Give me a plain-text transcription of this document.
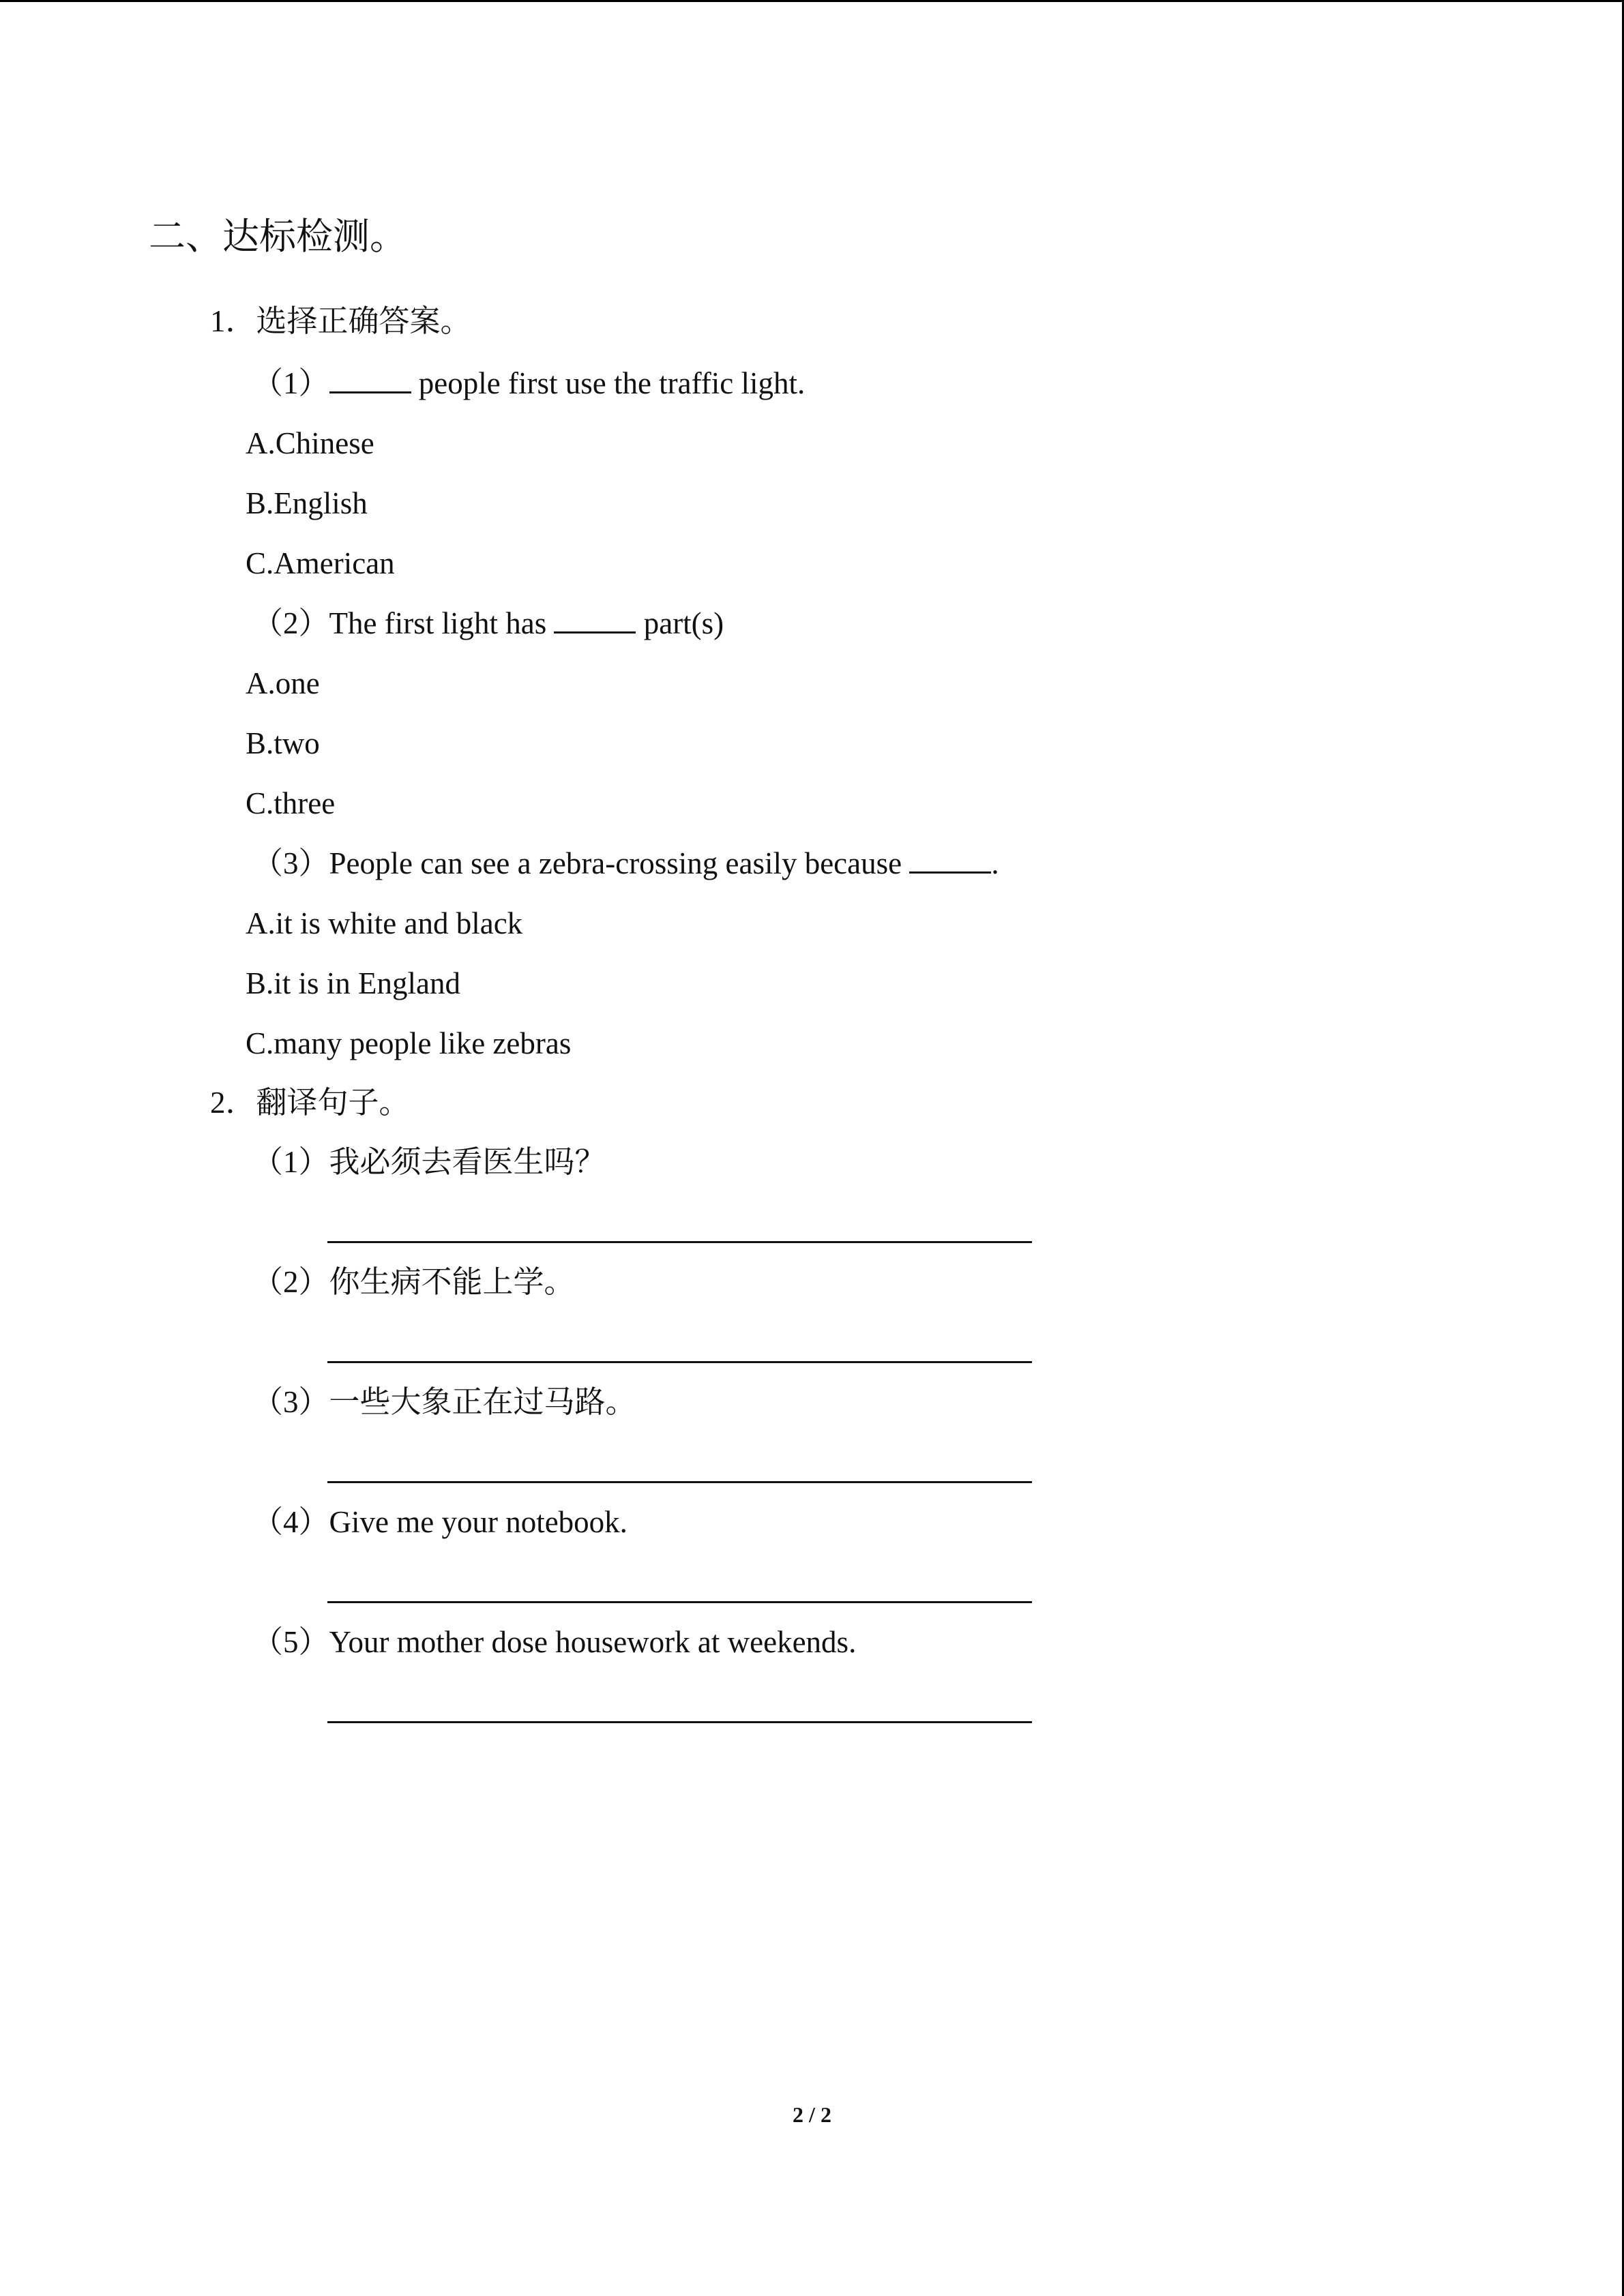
二、达标检测。
1．选择正确答案。
（1）	people first use the traffic light.
A.Chinese
B.English
C.American
（2）The first light has	part(s)
A.one
B.two
C.three
（3）People can see a zebra-crossing easily because	.
A.it is white and black
B.it is in England
C.many people like zebras
2．翻译句子。
（1）我必须去看医生吗？
（2）你生病不能上学。
（3）一些大象正在过马路。
（4）Give me your notebook.
（5）Your mother dose housework at weekends.
2 / 2
